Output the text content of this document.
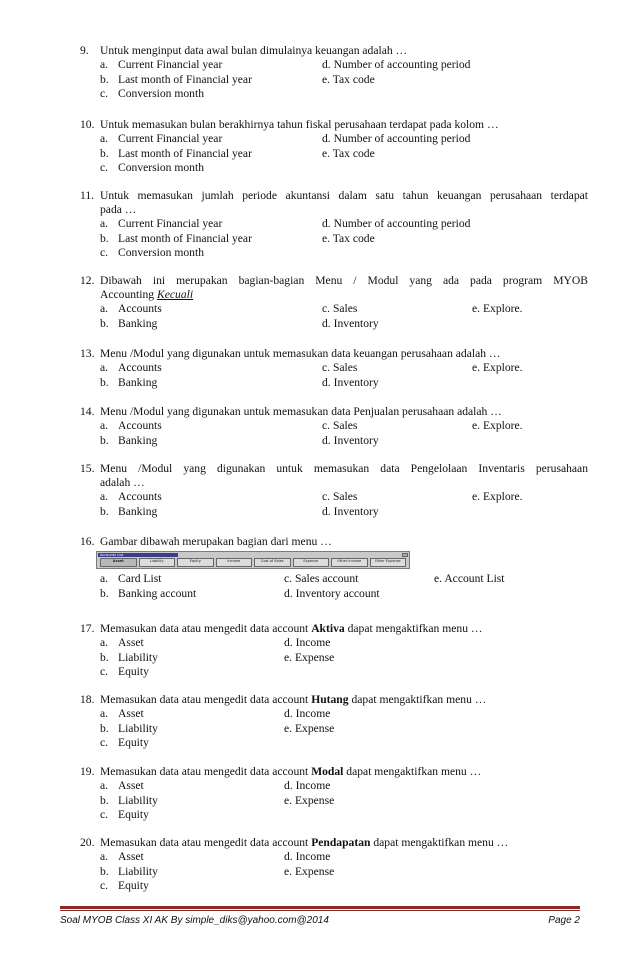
9. Untuk menginput data awal bulan dimulainya keuangan adalah …
a. Current Financial year	d. Number of accounting period
b. Last month of Financial year	e. Tax code
c. Conversion month
10. Untuk memasukan bulan berakhirnya tahun fiskal perusahaan terdapat pada kolom …
a. Current Financial year	d. Number of accounting period
b. Last month of Financial year	e. Tax code
c. Conversion month
11. Untuk memasukan jumlah periode akuntansi dalam satu tahun keuangan perusahaan terdapat
pada …
a. Current Financial year	d. Number of accounting period
b. Last month of Financial year	e. Tax code
c. Conversion month
12. Dibawah ini merupakan bagian-bagian Menu / Modul yang ada pada program MYOB
Accounting Kecuali
a. Accounts	c. Sales	e. Explore.
b. Banking	d. Inventory
13. Menu /Modul yang digunakan untuk memasukan data keuangan perusahaan adalah …
a. Accounts	c. Sales	e. Explore.
b. Banking	d. Inventory
14. Menu /Modul yang digunakan untuk memasukan data Penjualan perusahaan adalah …
a. Accounts	c. Sales	e. Explore.
b. Banking	d. Inventory
15. Menu /Modul yang digunakan untuk memasukan data Pengelolaan Inventaris perusahaan
adalah …
a. Accounts	c. Sales	e. Explore.
b. Banking	d. Inventory
16. Gambar dibawah merupakan bagian dari menu …
Accounts List
Asset	Liability	Equity	Income	Cost of Sales	Expense	Other Income	Other Expense
a. Card List	c. Sales account	e. Account List
b. Banking account	d. Inventory account
17. Memasukan data atau mengedit data account Aktiva dapat mengaktifkan menu …
a. Asset	d. Income
b. Liability	e. Expense
c. Equity
18. Memasukan data atau mengedit data account Hutang dapat mengaktifkan menu …
a. Asset	d. Income
b. Liability	e. Expense
c. Equity
19. Memasukan data atau mengedit data account Modal dapat mengaktifkan menu …
a. Asset	d. Income
b. Liability	e. Expense
c. Equity
20. Memasukan data atau mengedit data account Pendapatan dapat mengaktifkan menu …
a. Asset	d. Income
b. Liability	e. Expense
c. Equity
Soal MYOB Class XI AK By simple_diks@yahoo.com@2014	Page 2
